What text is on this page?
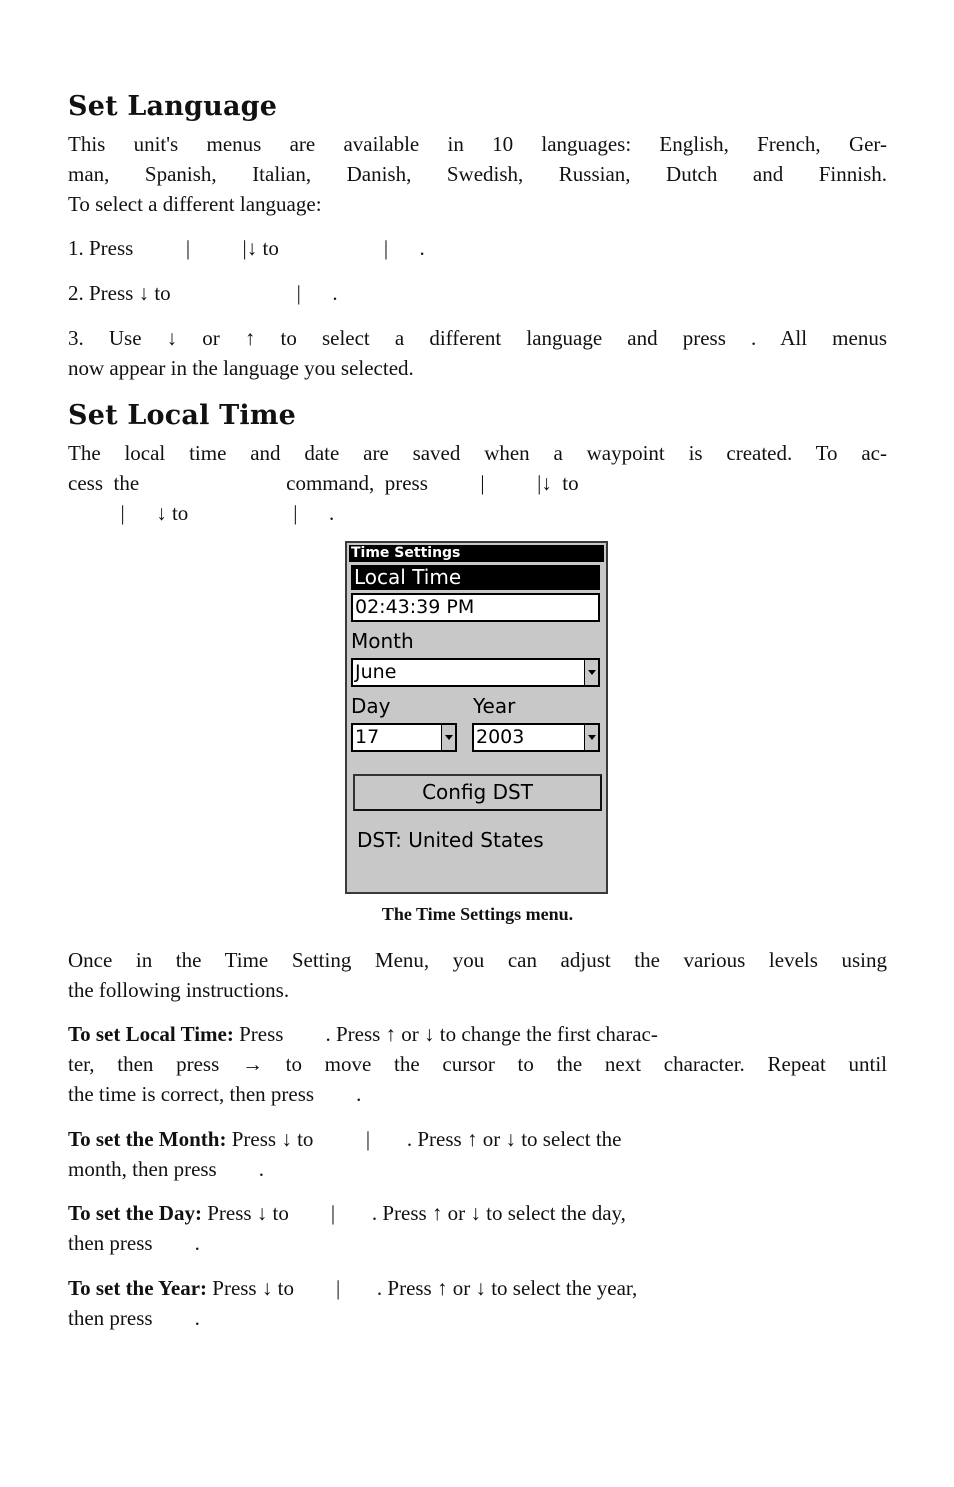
Set Language

This unit's menus are available in 10 languages: English, French, Ger-

man, Spanish, Italian, Danish, Swedish, Russian, Dutch and Finnish.

To select a different language:

1. Press          |          |↓ to                    |      .

2. Press ↓ to                        |      .

3. Use ↓ or ↑ to select a different language and press . All menus

now appear in the language you selected.

Set Local Time

The local time and date are saved when a waypoint is created. To ac-

cess  the                            command,  press          |          |↓  to

|      ↓ to                    |      .

The Time Settings menu.

Once in the Time Setting Menu, you can adjust the various levels using

the following instructions.

To set Local Time: Press        . Press ↑ or ↓ to change the first charac-

ter, then press → to move the cursor to the next character. Repeat until

the time is correct, then press        .

To set the Month: Press ↓ to          |       . Press ↑ or ↓ to select the

month, then press        .

To set the Day: Press ↓ to        |       . Press ↑ or ↓ to select the day,

then press        .

To set the Year: Press ↓ to        |       . Press ↑ or ↓ to select the year,

then press        .

Time Settings
Local Time
02:43:39 PM
Month
June
Day	Year
17	2003
Config DST
DST: United States
